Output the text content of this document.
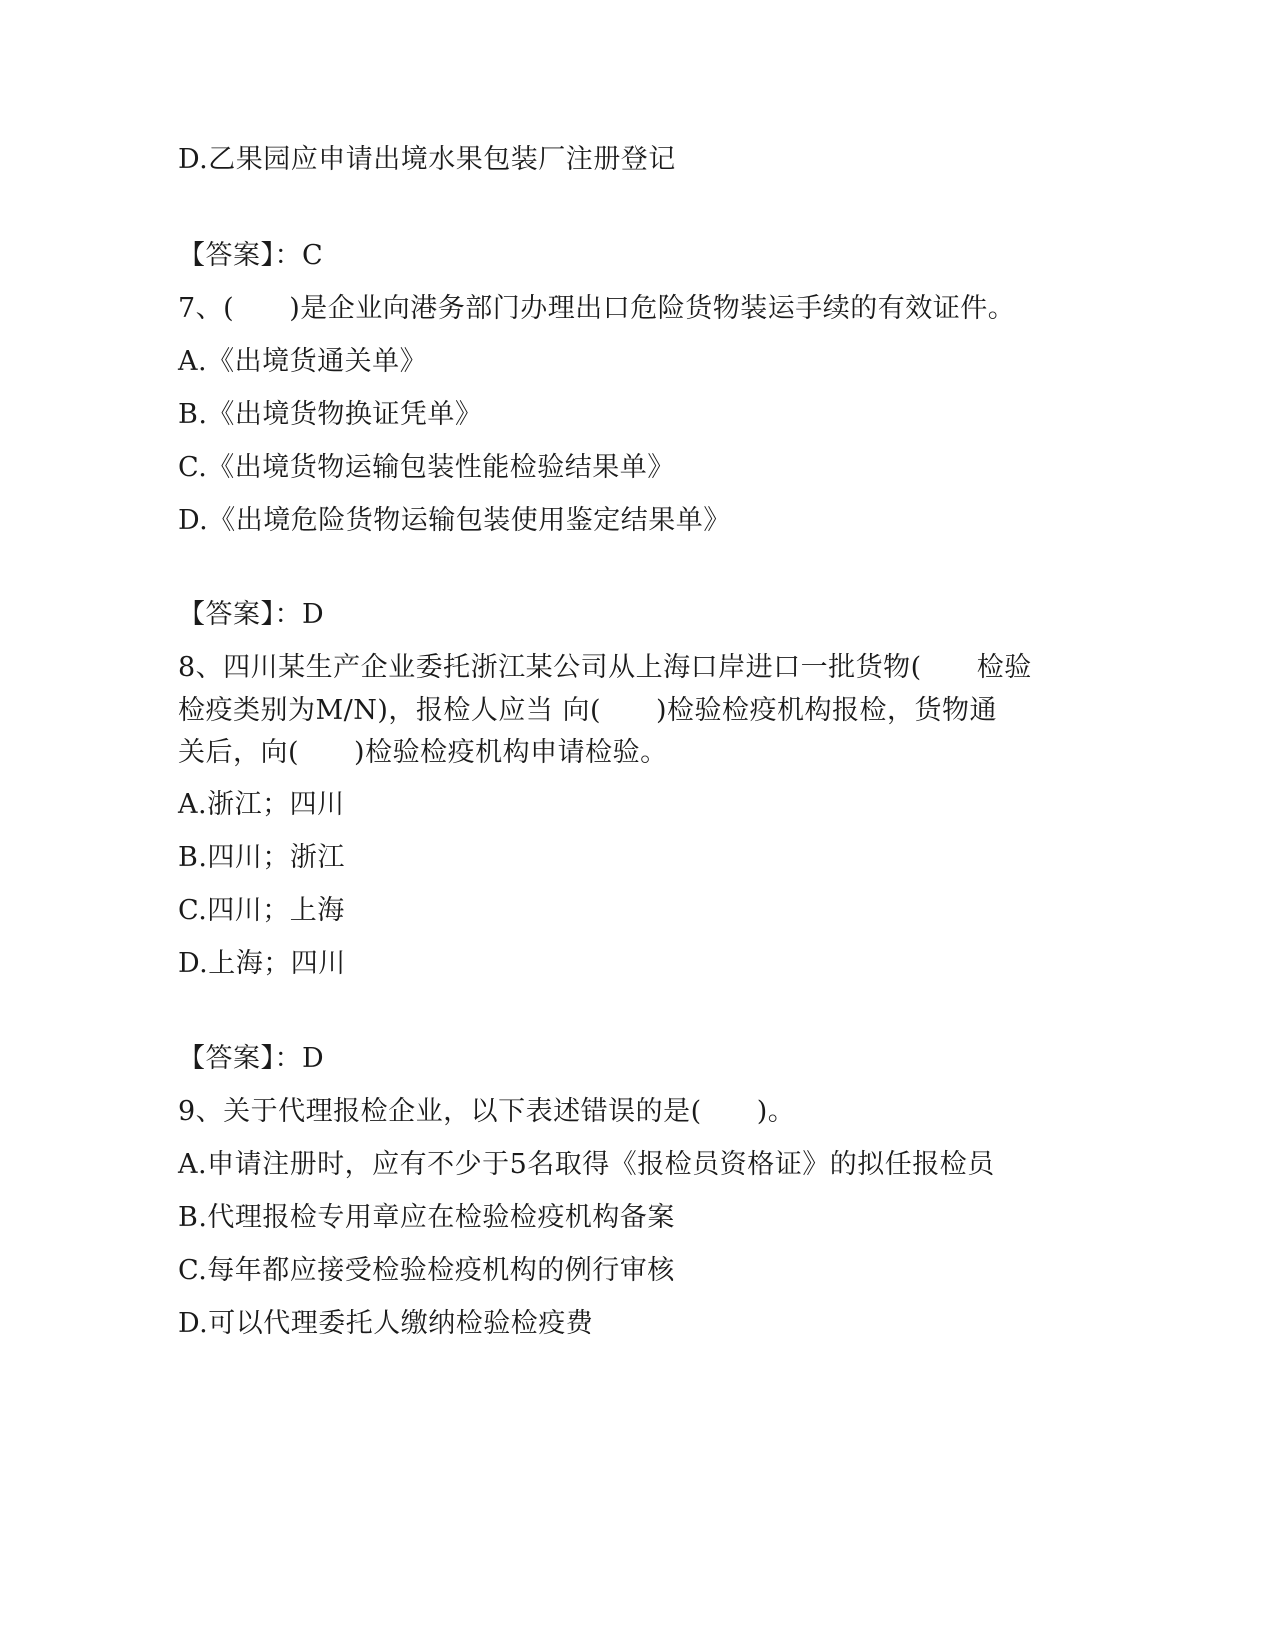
D.乙果园应申请出境水果包装厂注册登记
【答案】：C
7、(　　)是企业向港务部门办理出口危险货物装运手续的有效证件。
A.《出境货通关单》
B.《出境货物换证凭单》
C.《出境货物运输包装性能检验结果单》
D.《出境危险货物运输包装使用鉴定结果单》
【答案】：D
8、四川某生产企业委托浙江某公司从上海口岸进口一批货物(　　检验
检疫类别为M/N)，报检人应当 向(　　)检验检疫机构报检，货物通
关后，向(　　)检验检疫机构申请检验。
A.浙江；四川
B.四川；浙江
C.四川；上海
D.上海；四川
【答案】：D
9、关于代理报检企业，以下表述错误的是(　　)。
A.申请注册时，应有不少于5名取得《报检员资格证》的拟任报检员
B.代理报检专用章应在检验检疫机构备案
C.每年都应接受检验检疫机构的例行审核
D.可以代理委托人缴纳检验检疫费
